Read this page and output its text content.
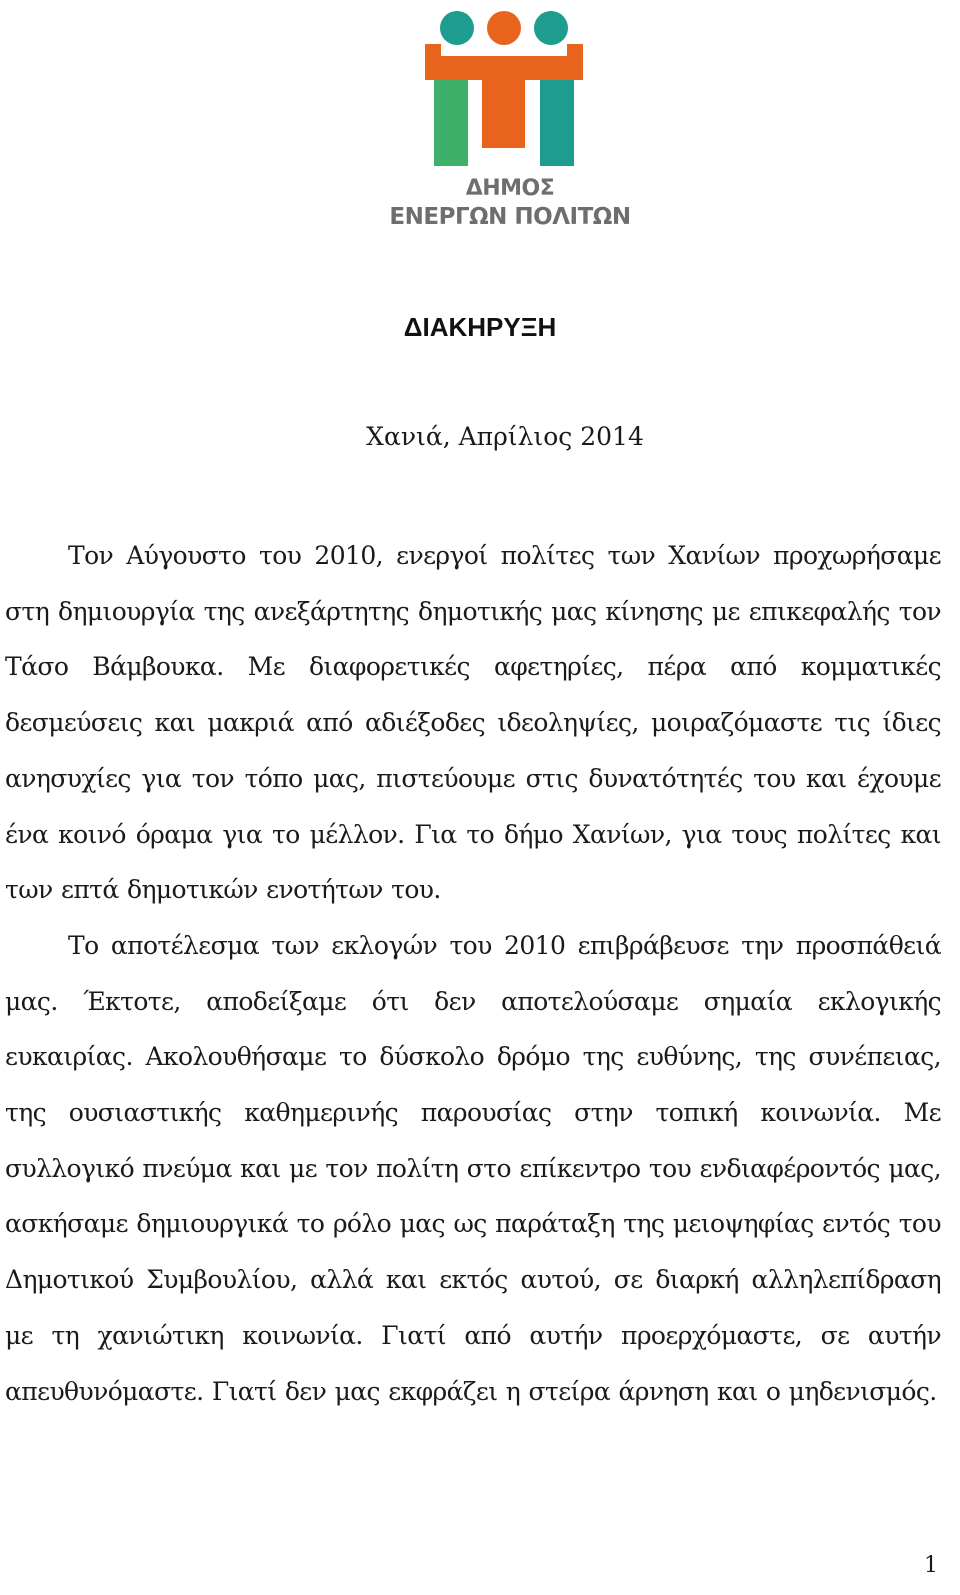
ΔΗΜΟΣ
ΕΝΕΡΓΩΝ ΠΟΛΙΤΩΝ
ΔΙΑΚΗΡΥΞΗ
Χανιά, Απρίλιος 2014

Τον Αύγουστο του 2010, ενεργοί πολίτες των Χανίων προχωρήσαμε στη δημιουργία της ανεξάρτητης δημοτικής μας κίνησης με επικεφαλής τον Τάσο Βάμβουκα. Με διαφορετικές αφετηρίες, πέρα από κομματικές δεσμεύσεις και μακριά από αδιέξοδες ιδεοληψίες, μοιραζόμαστε τις ίδιες ανησυχίες για τον τόπο μας, πιστεύουμε στις δυνατότητές του και έχουμε ένα κοινό όραμα για το μέλλον. Για το δήμο Χανίων, για τους πολίτες και των επτά δημοτικών ενοτήτων του.

Το αποτέλεσμα των εκλογών του 2010 επιβράβευσε την προσπάθειά μας. Έκτοτε, αποδείξαμε ότι δεν αποτελούσαμε σημαία εκλογικής ευκαιρίας. Ακολουθήσαμε το δύσκολο δρόμο της ευθύνης, της συνέπειας, της ουσιαστικής καθημερινής παρουσίας στην τοπική κοινωνία. Με συλλογικό πνεύμα και με τον πολίτη στο επίκεντρο του ενδιαφέροντός μας, ασκήσαμε δημιουργικά το ρόλο μας ως παράταξη της μειοψηφίας εντός του Δημοτικού Συμβουλίου, αλλά και εκτός αυτού, σε διαρκή αλληλεπίδραση με τη χανιώτικη κοινωνία. Γιατί από αυτήν προερχόμαστε, σε αυτήν απευθυνόμαστε. Γιατί δεν μας εκφράζει η στείρα άρνηση και ο μηδενισμός.

1
